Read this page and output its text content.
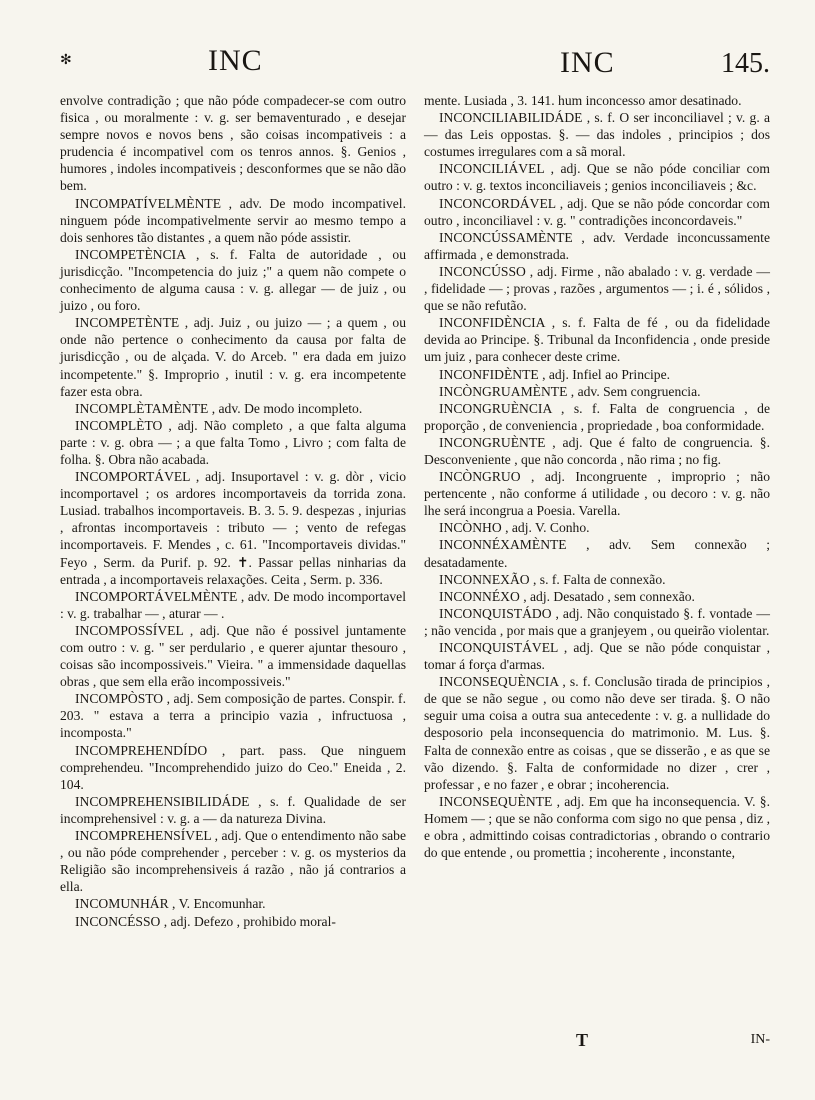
✻	INC	INC	145.

envolve contradição ; que não póde compadecer-se com outro fisica , ou moralmente : v. g. ser bemaventurado , e desejar sempre novos e novos bens , são coisas incompativeis : a prudencia é incompativel com os tenros annos. §. Genios , humores , indoles incompativeis ; desconformes que se não dão bem.

INCOMPATÍVELMÈNTE , adv. De modo incompativel. ninguem póde incompativelmente servir ao mesmo tempo a dois senhores tão distantes , a quem não póde assistir.

INCOMPETÈNCIA , s. f. Falta de autoridade , ou jurisdicção. "Incompetencia do juiz ;" a quem não compete o conhecimento de alguma causa : v. g. allegar — de juiz , ou juizo , ou foro.

INCOMPETÈNTE , adj. Juiz , ou juizo — ; a quem , ou onde não pertence o conhecimento da causa por falta de jurisdicção , ou de alçada. V. do Arceb. " era dada em juizo incompetente." §. Improprio , inutil : v. g. era incompetente fazer esta obra.

INCOMPLÈTAMÈNTE , adv. De modo incompleto.

INCOMPLÈTO , adj. Não completo , a que falta alguma parte : v. g. obra — ; a que falta Tomo , Livro ; com falta de folha. §. Obra não acabada.

INCOMPORTÁVEL , adj. Insuportavel : v. g. dòr , vicio incomportavel ; os ardores incomportaveis da torrida zona. Lusiad. trabalhos incomportaveis. B. 3. 5. 9. despezas , injurias , afrontas incomportaveis : tributo — ; vento de refegas incomportaveis. F. Mendes , c. 61. "Incomportaveis dividas." Feyo , Serm. da Purif. p. 92. ✝. Passar pellas ninharias da entrada , a incomportaveis relaxações. Ceita , Serm. p. 336.

INCOMPORTÁVELMÈNTE , adv. De modo incomportavel : v. g. trabalhar — , aturar — .

INCOMPOSSÍVEL , adj. Que não é possivel juntamente com outro : v. g. " ser perdulario , e querer ajuntar thesouro , coisas são incompossiveis." Vieira. " a immensidade daquellas obras , que sem ella erão incompossiveis."

INCOMPÒSTO , adj. Sem composição de partes. Conspir. f. 203. " estava a terra a principio vazia , infructuosa , incomposta."

INCOMPREHENDÍDO , part. pass. Que ninguem comprehendeu. "Incomprehendido juizo do Ceo." Eneida , 2. 104.

INCOMPREHENSIBILIDÁDE , s. f. Qualidade de ser incomprehensivel : v. g. a — da natureza Divina.

INCOMPREHENSÍVEL , adj. Que o entendimento não sabe , ou não póde comprehender , perceber : v. g. os mysterios da Religião são incomprehensiveis á razão , não já contrarios a ella.

INCOMUNHÁR , V. Encomunhar.

INCONCÉSSO , adj. Defezo , prohibido moral-

mente. Lusiada , 3. 141. hum inconcesso amor desatinado.

INCONCILIABILIDÁDE , s. f. O ser inconciliavel ; v. g. a — das Leis oppostas. §. — das indoles , principios ; dos costumes irregulares com a sã moral.

INCONCILIÁVEL , adj. Que se não póde conciliar com outro : v. g. textos inconciliaveis ; genios inconciliaveis ; &c.

INCONCORDÁVEL , adj. Que se não póde concordar com outro , inconciliavel : v. g. " contradições inconcordaveis."

INCONCÚSSAMÈNTE , adv. Verdade inconcussamente affirmada , e demonstrada.

INCONCÚSSO , adj. Firme , não abalado : v. g. verdade — , fidelidade — ; provas , razões , argumentos — ; i. é , sólidos , que se não refutão.

INCONFIDÈNCIA , s. f. Falta de fé , ou da fidelidade devida ao Principe. §. Tribunal da Inconfidencia , onde preside um juiz , para conhecer deste crime.

INCONFIDÈNTE , adj. Infiel ao Principe.

INCÒNGRUAMÈNTE , adv. Sem congruencia.

INCONGRUÈNCIA , s. f. Falta de congruencia , de proporção , de conveniencia , propriedade , boa conformidade.

INCONGRUÈNTE , adj. Que é falto de congruencia. §. Desconveniente , que não concorda , não rima ; no fig.

INCÒNGRUO , adj. Incongruente , improprio ; não pertencente , não conforme á utilidade , ou decoro : v. g. não lhe será incongrua a Poesia. Varella.

INCÒNHO , adj. V. Conho.

INCONNÉXAMÈNTE , adv. Sem connexão ; desatadamente.

INCONNEXÃO , s. f. Falta de connexão.

INCONNÉXO , adj. Desatado , sem connexão.

INCONQUISTÁDO , adj. Não conquistado §. f. vontade — ; não vencida , por mais que a granjeyem , ou queirão violentar.

INCONQUISTÁVEL , adj. Que se não póde conquistar , tomar á força d'armas.

INCONSEQUÈNCIA , s. f. Conclusão tirada de principios , de que se não segue , ou como não deve ser tirada. §. O não seguir uma coisa a outra sua antecedente : v. g. a nullidade do desposorio pela inconsequencia do matrimonio. M. Lus. §. Falta de connexão entre as coisas , que se disserão , e as que se vão dizendo. §. Falta de conformidade no dizer , crer , professar , e no fazer , e obrar ; incoherencia.

INCONSEQUÈNTE , adj. Em que ha inconsequencia. V. §. Homem — ; que se não conforma com sigo no que pensa , diz , e obra , admittindo coisas contradictorias , obrando o contrario do que entende , ou promettia ; incoherente , inconstante,

T	IN-
